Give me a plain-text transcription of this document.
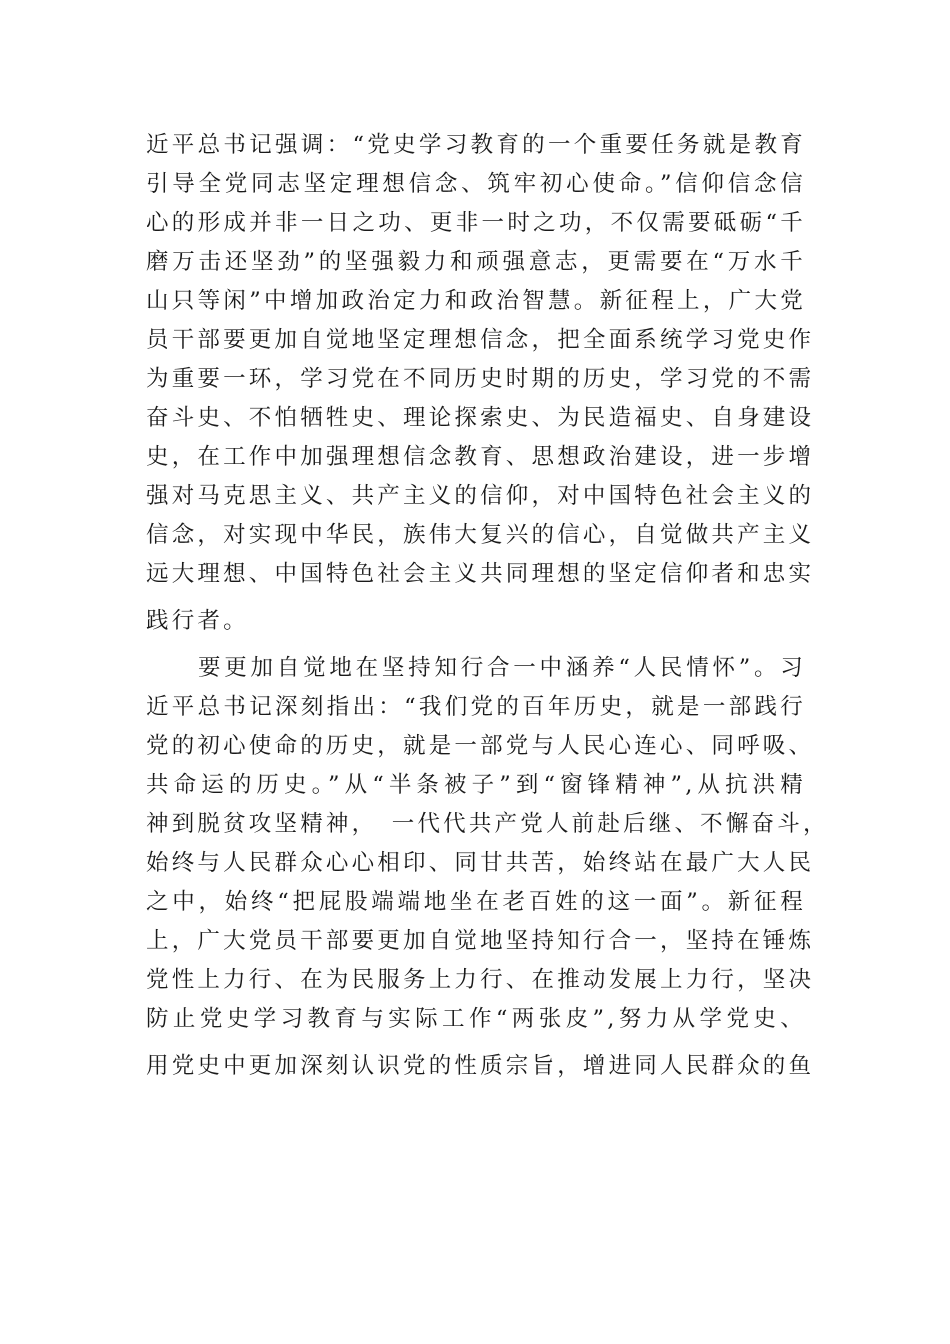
近平总书记强调：“党史学习教育的一个重要任务就是教育
引导全党同志坚定理想信念、筑牢初心使命。”信仰信念信
心的形成并非一日之功、更非一时之功，不仅需要砥砺“千
磨万击还坚劲”的坚强毅力和顽强意志，更需要在“万水千
山只等闲”中增加政治定力和政治智慧。新征程上，广大党
员干部要更加自觉地坚定理想信念，把全面系统学习党史作
为重要一环，学习党在不同历史时期的历史，学习党的不需
奋斗史、不怕牺牲史、理论探索史、为民造福史、自身建设
史，在工作中加强理想信念教育、思想政治建设，进一步增
强对马克思主义、共产主义的信仰，对中国特色社会主义的
信念，对实现中华民，族伟大复兴的信心，自觉做共产主义
远大理想、中国特色社会主义共同理想的坚定信仰者和忠实
践行者。
要更加自觉地在坚持知行合一中涵养“人民情怀”。习
近平总书记深刻指出：“我们党的百年历史，就是一部践行
党的初心使命的历史，就是一部党与人民心连心、同呼吸、
共命运的历史。”从“半条被子”到“窗锋精神”,从抗洪精
神到脱贫攻坚精神，　一代代共产党人前赴后继、不懈奋斗，
始终与人民群众心心相印、同甘共苦，始终站在最广大人民
之中，始终“把屁股端端地坐在老百姓的这一面”。新征程
上，广大党员干部要更加自觉地坚持知行合一，坚持在锤炼
党性上力行、在为民服务上力行、在推动发展上力行，坚决
防止党史学习教育与实际工作“两张皮”,努力从学党史、
用党史中更加深刻认识党的性质宗旨，增进同人民群众的鱼
